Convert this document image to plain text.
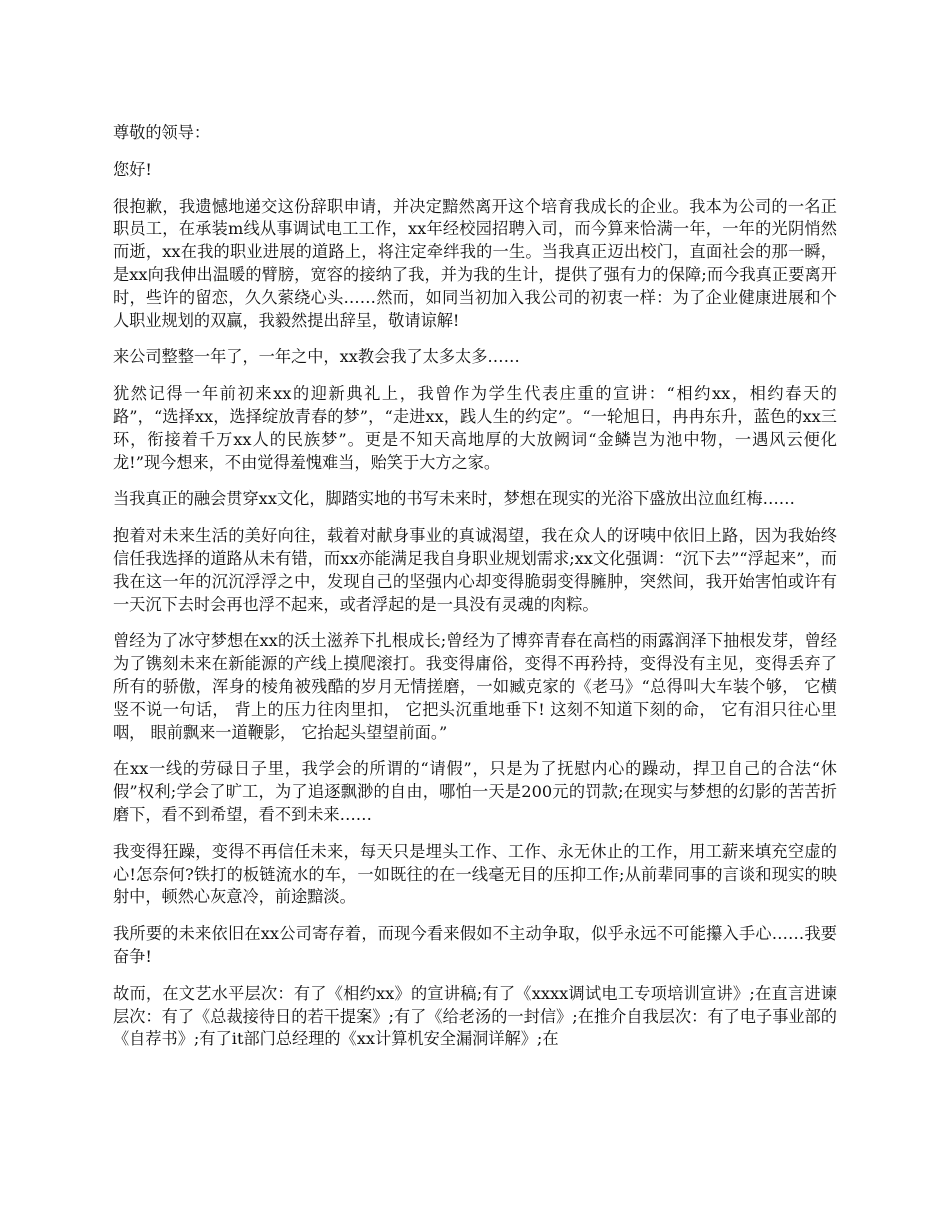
尊敬的领导：

您好!

很抱歉，我遗憾地递交这份辞职申请，并决定黯然离开这个培育我成长的企业。我本为公司的一名正职员工，在承装m线从事调试电工工作，xx年经校园招聘入司，而今算来恰满一年，一年的光阴悄然而逝，xx在我的职业进展的道路上，将注定牵绊我的一生。当我真正迈出校门，直面社会的那一瞬，是xx向我伸出温暖的臂膀，宽容的接纳了我，并为我的生计，提供了强有力的保障;而今我真正要离开时，些许的留恋，久久萦绕心头……然而，如同当初加入我公司的初衷一样：为了企业健康进展和个人职业规划的双赢，我毅然提出辞呈，敬请谅解!

来公司整整一年了，一年之中，xx教会我了太多太多……

犹然记得一年前初来xx的迎新典礼上，我曾作为学生代表庄重的宣讲：“相约xx，相约春天的路”，“选择xx，选择绽放青春的梦”，“走进xx，践人生的约定”。“一轮旭日，冉冉东升，蓝色的xx三环，衔接着千万xx人的民族梦”。更是不知天高地厚的大放阙词“金鳞岂为池中物，一遇风云便化龙!”现今想来，不由觉得羞愧难当，贻笑于大方之家。

当我真正的融会贯穿xx文化，脚踏实地的书写未来时，梦想在现实的光浴下盛放出泣血红梅……

抱着对未来生活的美好向往，载着对献身事业的真诚渴望，我在众人的讶咦中依旧上路，因为我始终信任我选择的道路从未有错，而xx亦能满足我自身职业规划需求;xx文化强调：“沉下去”“浮起来”，而我在这一年的沉沉浮浮之中，发现自己的坚强内心却变得脆弱变得臃肿，突然间，我开始害怕或许有一天沉下去时会再也浮不起来，或者浮起的是一具没有灵魂的肉粽。

曾经为了冰守梦想在xx的沃土滋养下扎根成长;曾经为了博弈青春在高档的雨露润泽下抽根发芽，曾经为了镌刻未来在新能源的产线上摸爬滚打。我变得庸俗，变得不再矜持，变得没有主见，变得丢弃了所有的骄傲，浑身的棱角被残酷的岁月无情搓磨，一如臧克家的《老马》“总得叫大车装个够， 它横竖不说一句话， 背上的压力往肉里扣， 它把头沉重地垂下! 这刻不知道下刻的命， 它有泪只往心里咽， 眼前飘来一道鞭影， 它抬起头望望前面。”

在xx一线的劳碌日子里，我学会的所谓的“请假”，只是为了抚慰内心的躁动，捍卫自己的合法“休假”权利;学会了旷工，为了追逐飘渺的自由，哪怕一天是200元的罚款;在现实与梦想的幻影的苦苦折磨下，看不到希望，看不到未来……

我变得狂躁，变得不再信任未来，每天只是埋头工作、工作、永无休止的工作，用工薪来填充空虚的心!怎奈何?铁打的板链流水的车，一如既往的在一线毫无目的压抑工作;从前辈同事的言谈和现实的映射中，顿然心灰意冷，前途黯淡。

我所要的未来依旧在xx公司寄存着，而现今看来假如不主动争取，似乎永远不可能攥入手心……我要奋争!

故而，在文艺水平层次：有了《相约xx》的宣讲稿;有了《xxxx调试电工专项培训宣讲》;在直言进谏层次：有了《总裁接待日的若干提案》;有了《给老汤的一封信》;在推介自我层次：有了电子事业部的《自荐书》;有了it部门总经理的《xx计算机安全漏洞详解》;在
